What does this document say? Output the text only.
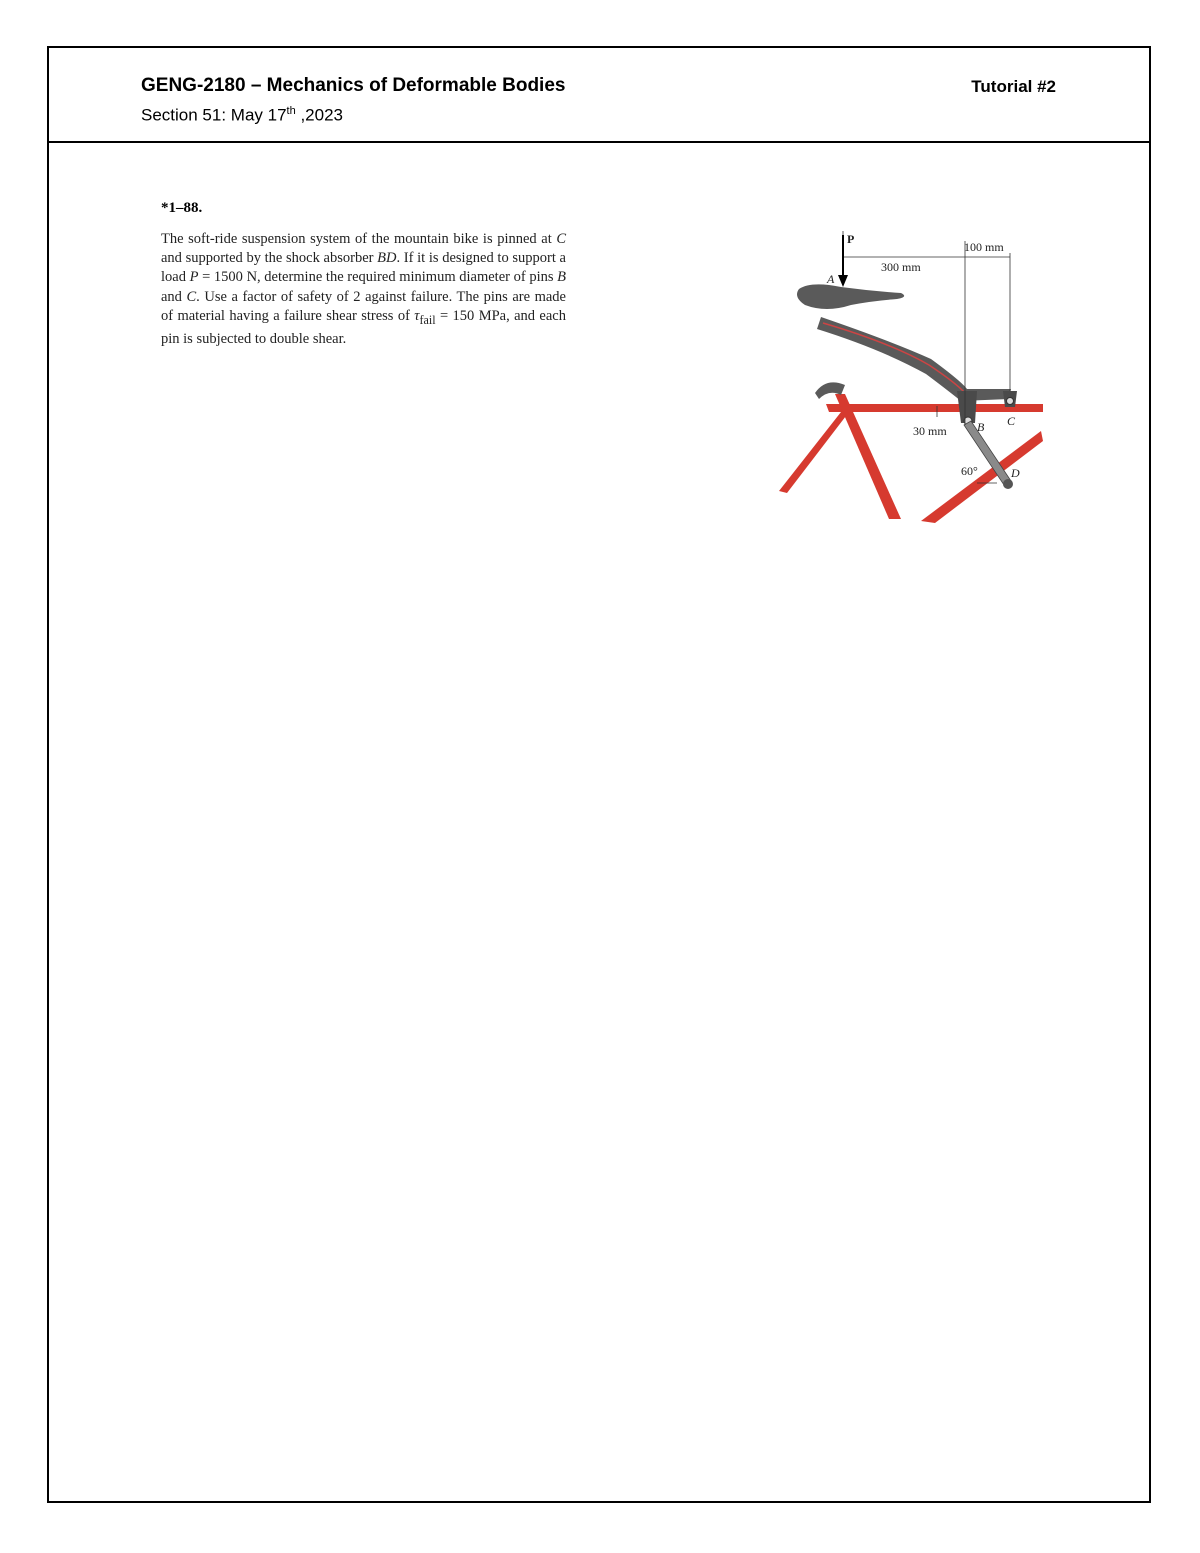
GENG-2180 – Mechanics of Deformable Bodies
Section 51: May 17th ,2023
Tutorial #2
*1–88.
The soft-ride suspension system of the mountain bike is pinned at C and supported by the shock absorber BD. If it is designed to support a load P = 1500 N, determine the required minimum diameter of pins B and C. Use a factor of safety of 2 against failure. The pins are made of material having a failure shear stress of $\tau_{fail} = 150$ MPa, and each pin is subjected to double shear.
P
A
300 mm
100 mm
30 mm	B C
D
60°
